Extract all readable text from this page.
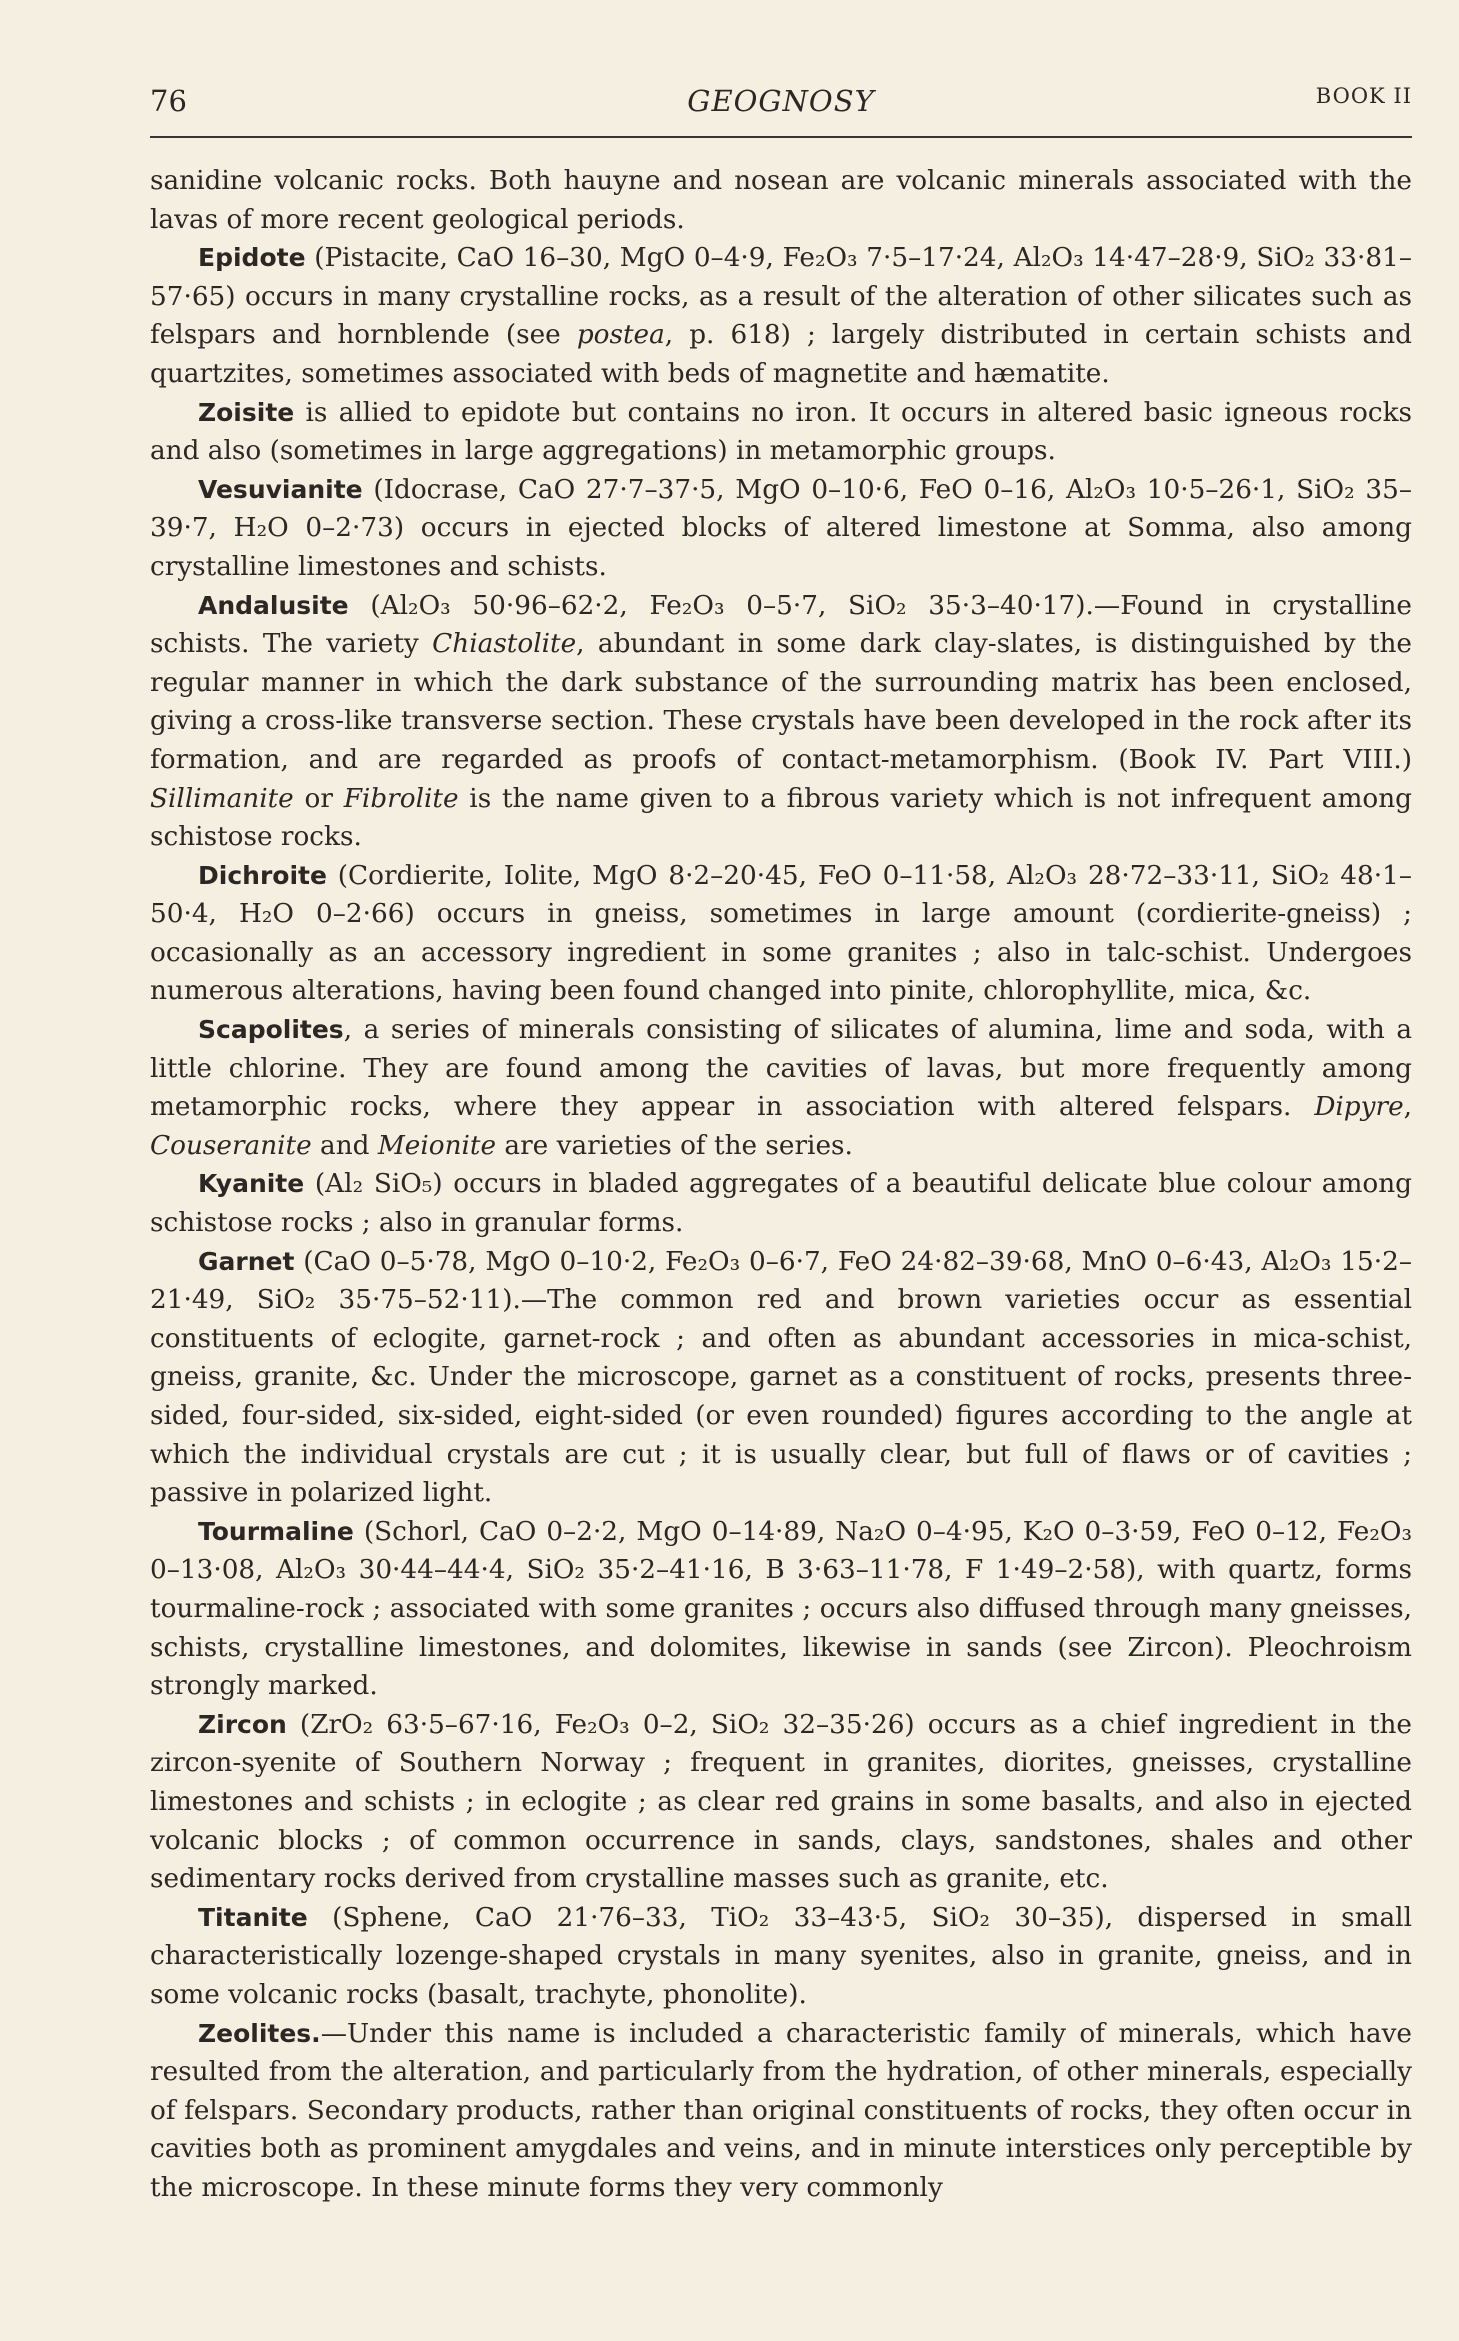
76	GEOGNOSY	BOOK II

sanidine volcanic rocks. Both hauyne and nosean are volcanic minerals associated with the lavas of more recent geological periods.

Epidote (Pistacite, CaO 16–30, MgO 0–4·9, Fe₂O₃ 7·5–17·24, Al₂O₃ 14·47–28·9, SiO₂ 33·81–57·65) occurs in many crystalline rocks, as a result of the alteration of other silicates such as felspars and hornblende (see postea, p. 618) ; largely distributed in certain schists and quartzites, sometimes associated with beds of magnetite and hæmatite.

Zoisite is allied to epidote but contains no iron. It occurs in altered basic igneous rocks and also (sometimes in large aggregations) in metamorphic groups.

Vesuvianite (Idocrase, CaO 27·7–37·5, MgO 0–10·6, FeO 0–16, Al₂O₃ 10·5–26·1, SiO₂ 35–39·7, H₂O 0–2·73) occurs in ejected blocks of altered limestone at Somma, also among crystalline limestones and schists.

Andalusite (Al₂O₃ 50·96–62·2, Fe₂O₃ 0–5·7, SiO₂ 35·3–40·17).—Found in crystalline schists. The variety Chiastolite, abundant in some dark clay-slates, is distinguished by the regular manner in which the dark substance of the surrounding matrix has been enclosed, giving a cross-like transverse section. These crystals have been developed in the rock after its formation, and are regarded as proofs of contact-metamorphism. (Book IV. Part VIII.) Sillimanite or Fibrolite is the name given to a fibrous variety which is not infrequent among schistose rocks.

Dichroite (Cordierite, Iolite, MgO 8·2–20·45, FeO 0–11·58, Al₂O₃ 28·72–33·11, SiO₂ 48·1–50·4, H₂O 0–2·66) occurs in gneiss, sometimes in large amount (cordierite-gneiss) ; occasionally as an accessory ingredient in some granites ; also in talc-schist. Undergoes numerous alterations, having been found changed into pinite, chlorophyllite, mica, &c.

Scapolites, a series of minerals consisting of silicates of alumina, lime and soda, with a little chlorine. They are found among the cavities of lavas, but more frequently among metamorphic rocks, where they appear in association with altered felspars. Dipyre, Couseranite and Meionite are varieties of the series.

Kyanite (Al₂ SiO₅) occurs in bladed aggregates of a beautiful delicate blue colour among schistose rocks ; also in granular forms.

Garnet (CaO 0–5·78, MgO 0–10·2, Fe₂O₃ 0–6·7, FeO 24·82–39·68, MnO 0–6·43, Al₂O₃ 15·2–21·49, SiO₂ 35·75–52·11).—The common red and brown varieties occur as essential constituents of eclogite, garnet-rock ; and often as abundant accessories in mica-schist, gneiss, granite, &c. Under the microscope, garnet as a constituent of rocks, presents three-sided, four-sided, six-sided, eight-sided (or even rounded) figures according to the angle at which the individual crystals are cut ; it is usually clear, but full of flaws or of cavities ; passive in polarized light.

Tourmaline (Schorl, CaO 0–2·2, MgO 0–14·89, Na₂O 0–4·95, K₂O 0–3·59, FeO 0–12, Fe₂O₃ 0–13·08, Al₂O₃ 30·44–44·4, SiO₂ 35·2–41·16, B 3·63–11·78, F 1·49–2·58), with quartz, forms tourmaline-rock ; associated with some granites ; occurs also diffused through many gneisses, schists, crystalline limestones, and dolomites, likewise in sands (see Zircon). Pleochroism strongly marked.

Zircon (ZrO₂ 63·5–67·16, Fe₂O₃ 0–2, SiO₂ 32–35·26) occurs as a chief ingredient in the zircon-syenite of Southern Norway ; frequent in granites, diorites, gneisses, crystalline limestones and schists ; in eclogite ; as clear red grains in some basalts, and also in ejected volcanic blocks ; of common occurrence in sands, clays, sandstones, shales and other sedimentary rocks derived from crystalline masses such as granite, etc.

Titanite (Sphene, CaO 21·76–33, TiO₂ 33–43·5, SiO₂ 30–35), dispersed in small characteristically lozenge-shaped crystals in many syenites, also in granite, gneiss, and in some volcanic rocks (basalt, trachyte, phonolite).

Zeolites.—Under this name is included a characteristic family of minerals, which have resulted from the alteration, and particularly from the hydration, of other minerals, especially of felspars. Secondary products, rather than original constituents of rocks, they often occur in cavities both as prominent amygdales and veins, and in minute interstices only perceptible by the microscope. In these minute forms they very commonly
